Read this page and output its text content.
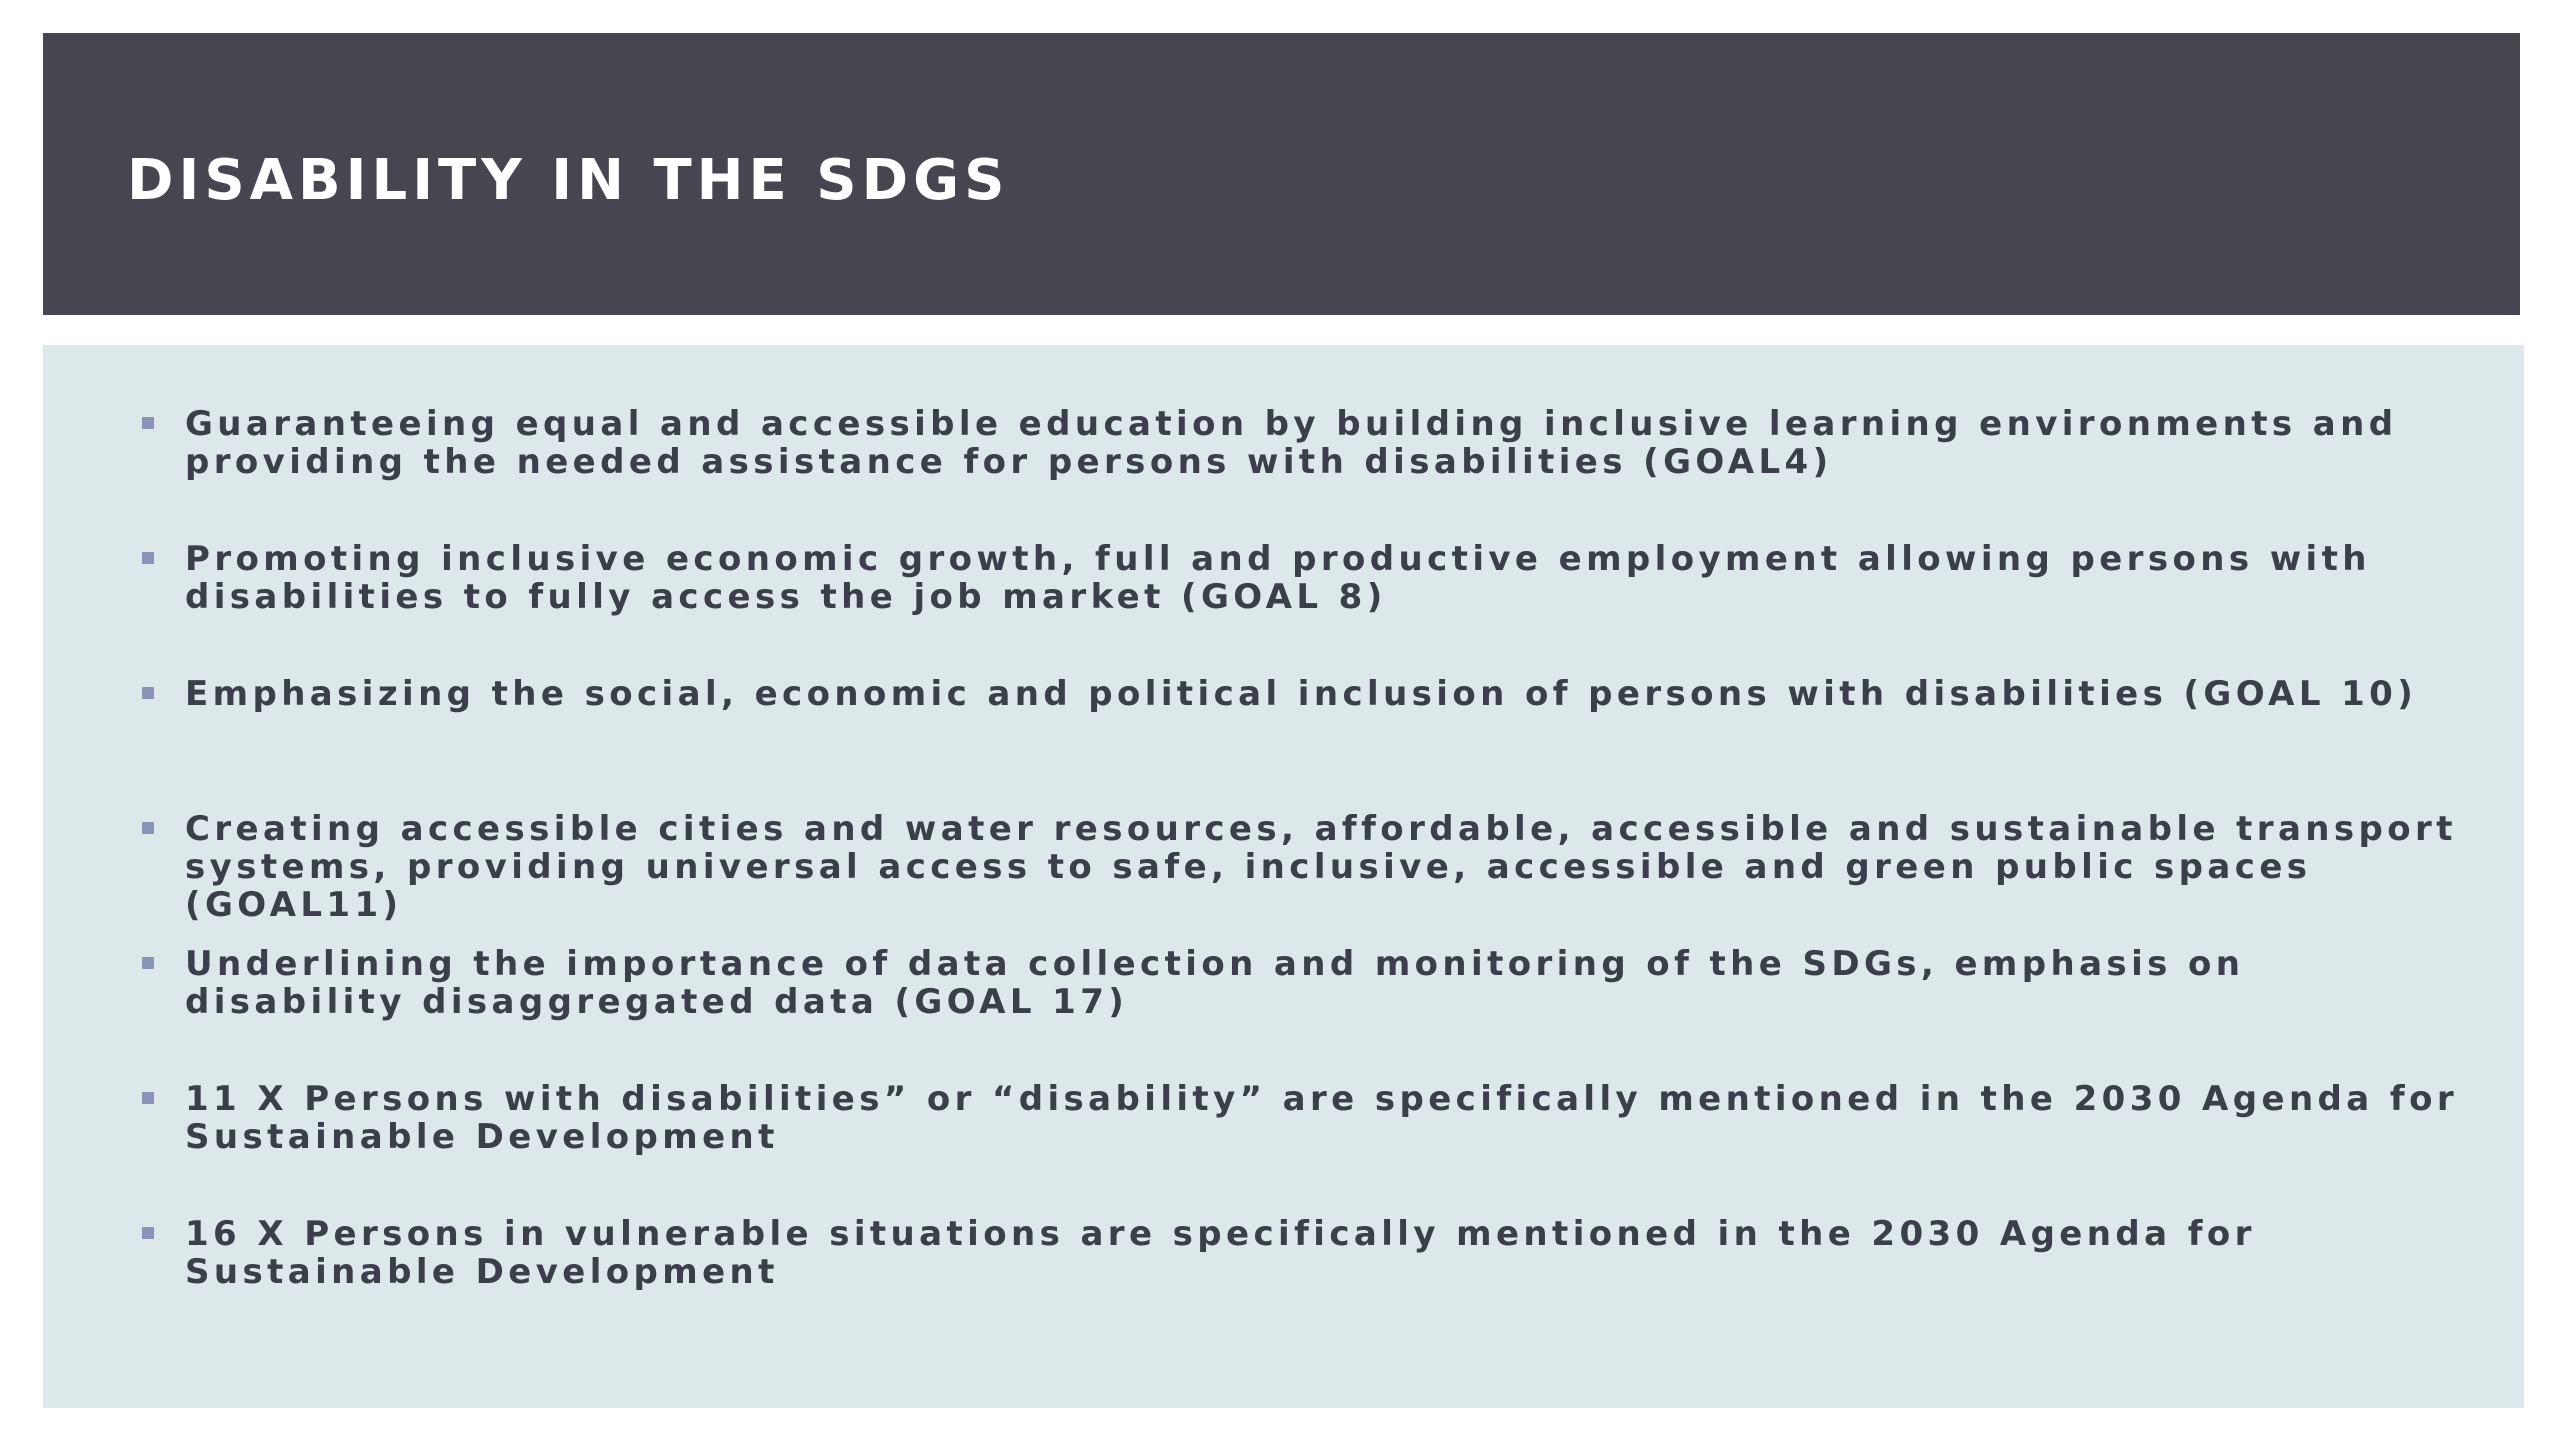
DISABILITY IN THE SDGS
Guaranteeing equal and accessible education by building inclusive learning environments and providing the needed assistance for persons with disabilities (GOAL4)
Promoting inclusive economic growth, full and productive employment allowing persons with disabilities to fully access the job market (GOAL 8)
Emphasizing the social, economic and political inclusion of persons with disabilities (GOAL 10)
Creating accessible cities and water resources, affordable, accessible and sustainable transport systems, providing universal access to safe, inclusive, accessible and green public spaces (GOAL11)
Underlining the importance of data collection and monitoring of the SDGs, emphasis on disability disaggregated data (GOAL 17)
11 X Persons with disabilities” or “disability” are specifically mentioned in the 2030 Agenda for Sustainable Development
16 X Persons in vulnerable situations are specifically mentioned in the 2030 Agenda for Sustainable Development
